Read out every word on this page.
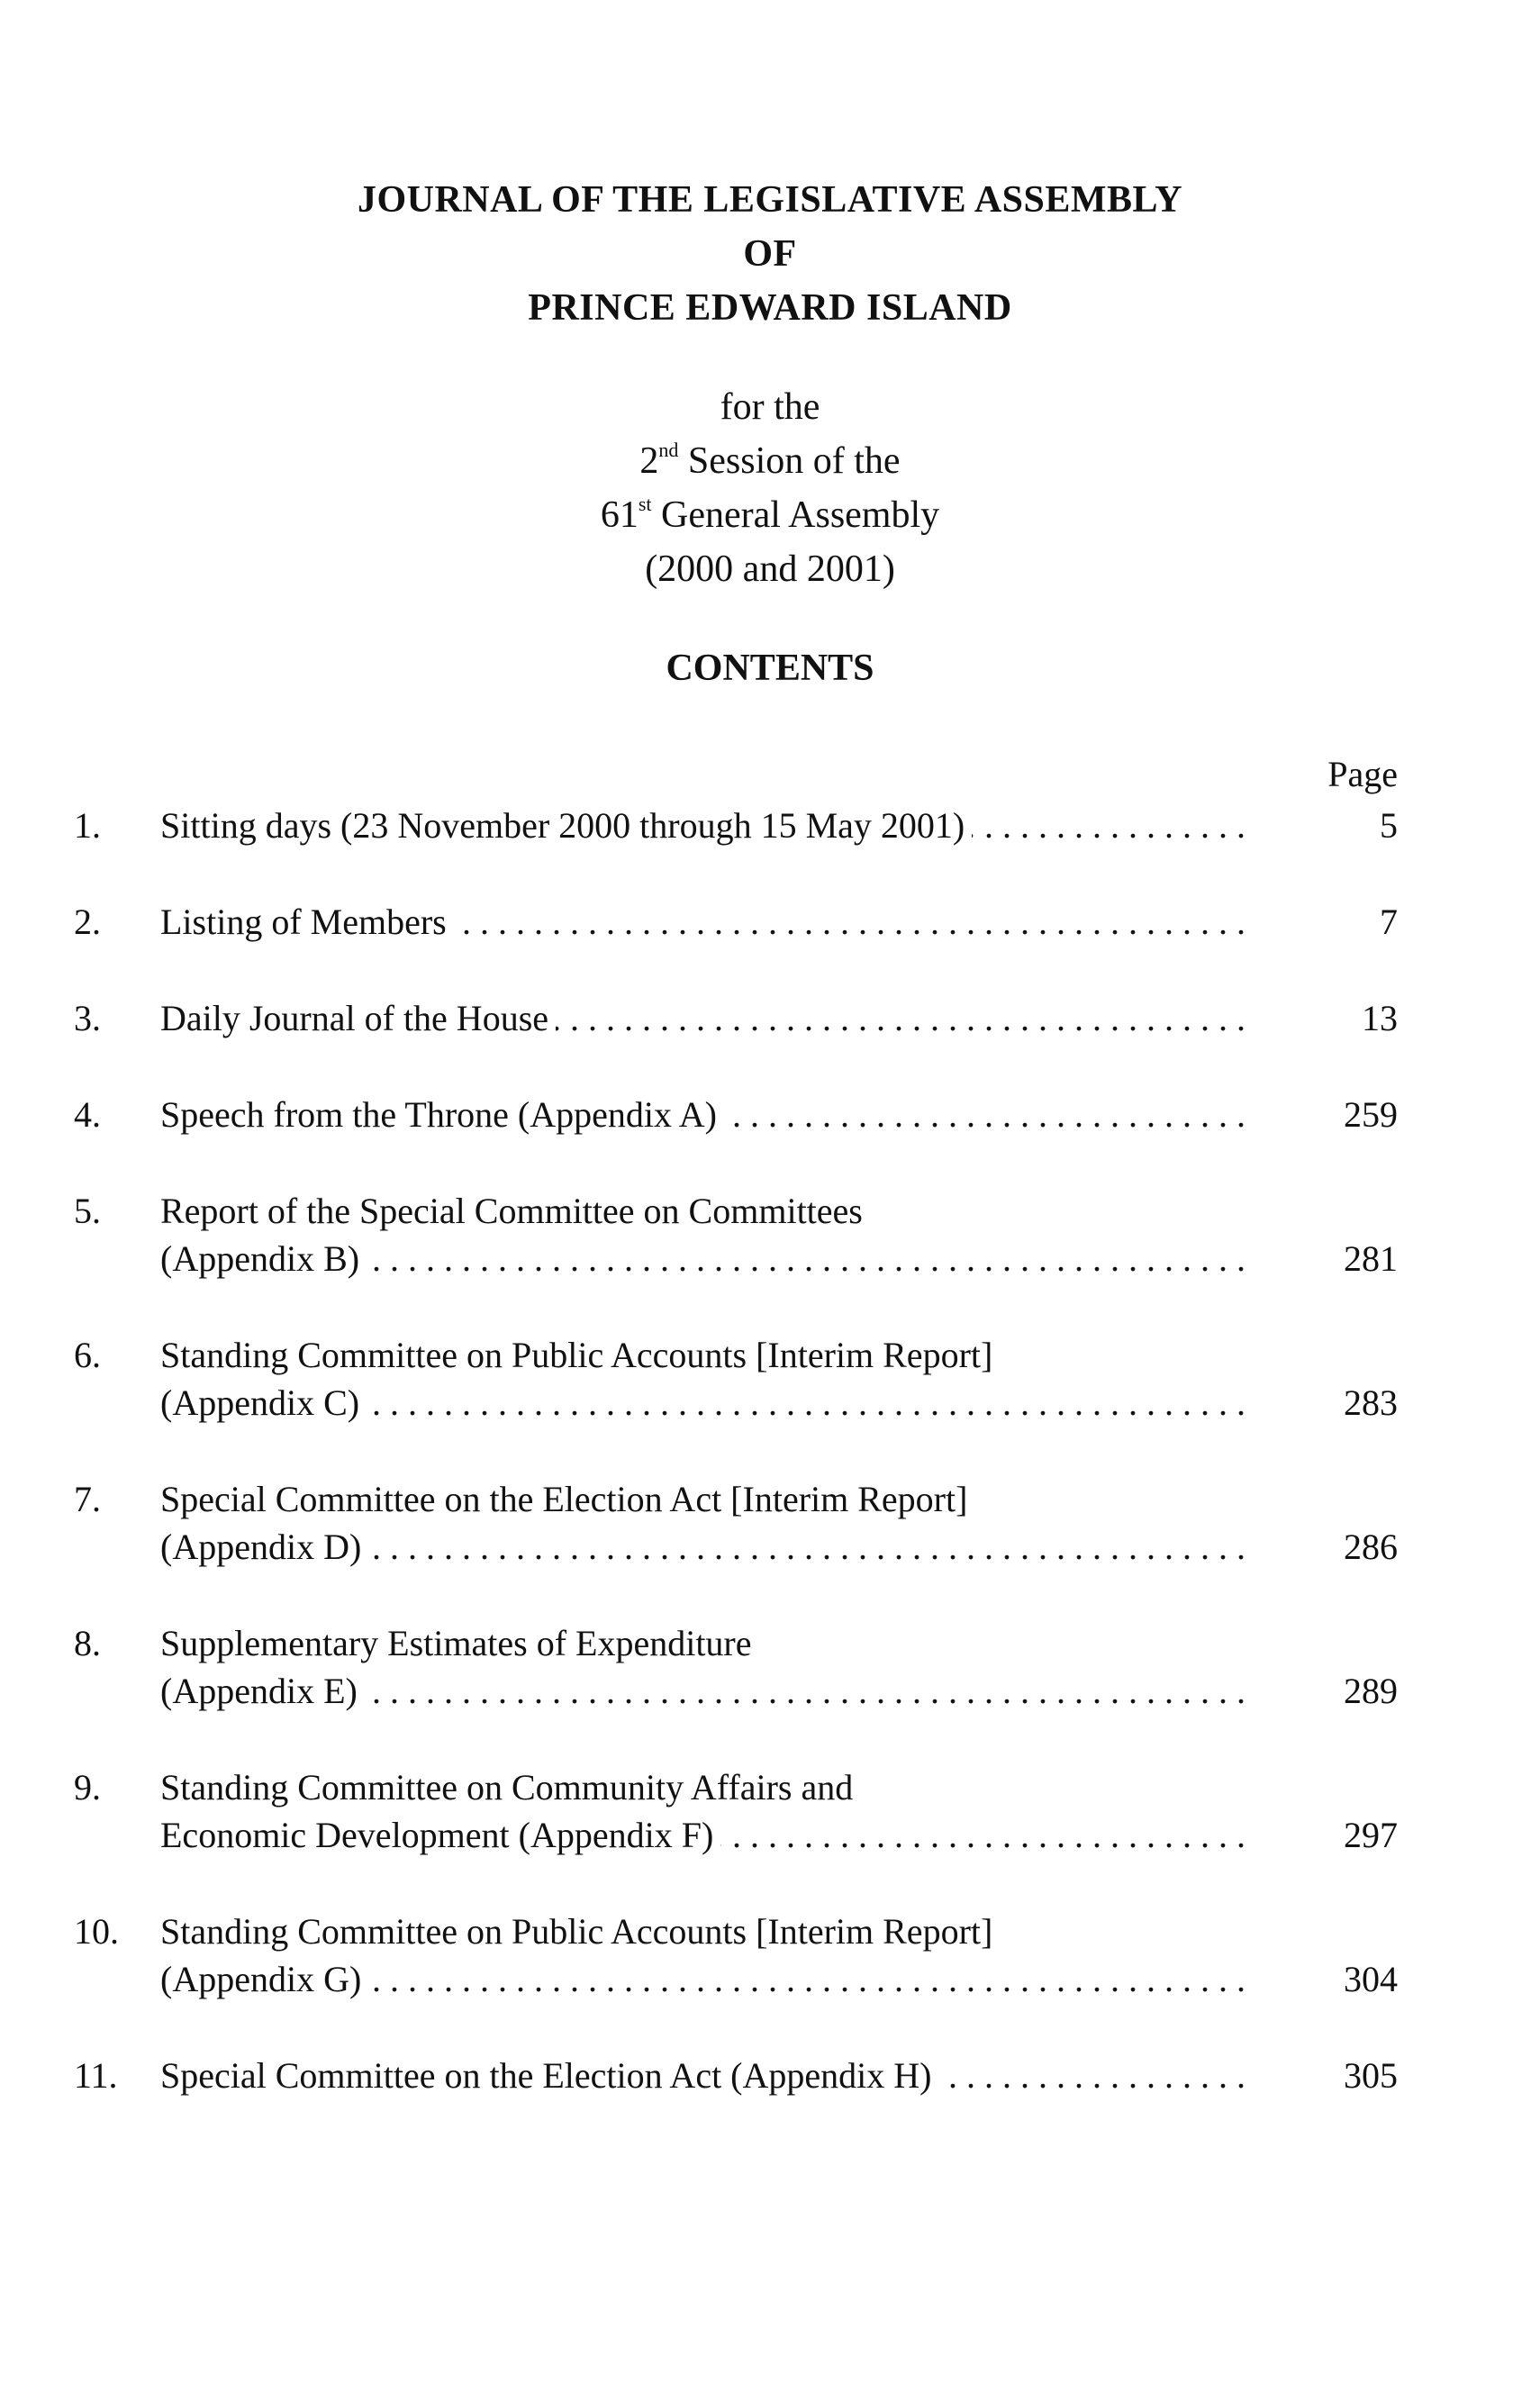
JOURNAL OF THE LEGISLATIVE ASSEMBLY
OF
PRINCE EDWARD ISLAND
for the
2nd Session of the
61st General Assembly
(2000 and 2001)
CONTENTS
Page
1.	Sitting days (23 November 2000 through 15 May 2001) . . .	5
2.	Listing of Members . . .	7
3.	Daily Journal of the House . . .	13
4.	Speech from the Throne (Appendix A) . . .	259
5.	Report of the Special Committee on Committees
(Appendix B) . . .	281
6.	Standing Committee on Public Accounts [Interim Report]
(Appendix C) . . .	283
7.	Special Committee on the Election Act [Interim Report]
(Appendix D) . . .	286
8.	Supplementary Estimates of Expenditure
(Appendix E) . . .	289
9.	Standing Committee on Community Affairs and
Economic Development (Appendix F) . . .	297
10.	Standing Committee on Public Accounts [Interim Report]
(Appendix G) . . .	304
11.	Special Committee on the Election Act (Appendix H) . . .	305
